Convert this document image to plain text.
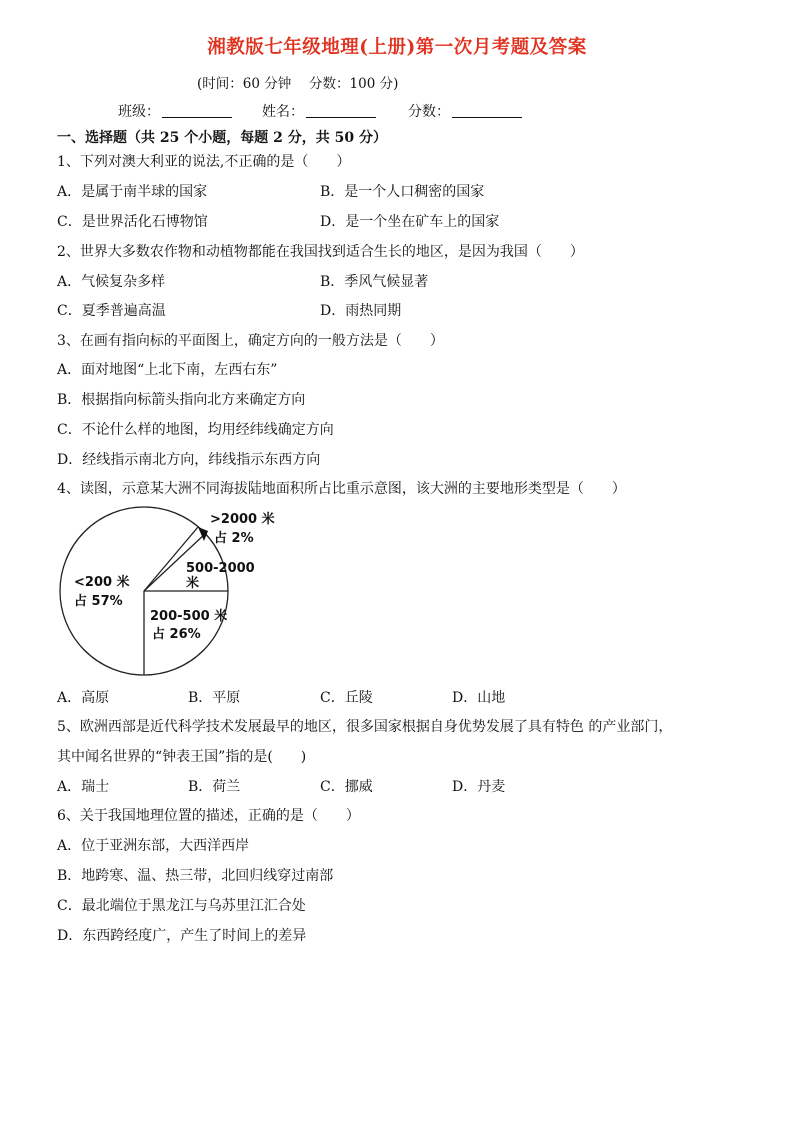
湘教版七年级地理(上册)第一次月考题及答案
(时间：60 分钟　 分数：100 分)
班级：	姓名：	分数：
一、选择题（共 25 个小题，每题 2 分，共 50 分）
1、下列对澳大利亚的说法,不正确的是（　　）
A．是属于南半球的国家	B．是一个人口稠密的国家
C．是世界活化石博物馆	D．是一个坐在矿车上的国家
2、世界大多数农作物和动植物都能在我国找到适合生长的地区，是因为我国（　　）
A．气候复杂多样	B．季风气候显著
C．夏季普遍高温	D．雨热同期
3、在画有指向标的平面图上，确定方向的一般方法是（　　）
A．面对地图“上北下南，左西右东”
B．根据指向标箭头指向北方来确定方向
C．不论什么样的地图，均用经纬线确定方向
D．经线指示南北方向，纬线指示东西方向
4、读图，示意某大洲不同海拔陆地面积所占比重示意图，该大洲的主要地形类型是（　　）
<200 米
占 57%
200-500 米
占 26%
500-2000
米
>2000 米
占 2%
A．高原	B．平原	C．丘陵	D．山地
5、欧洲西部是近代科学技术发展最早的地区，很多国家根据自身优势发展了具有特色 的产业部门，
其中闻名世界的“钟表王国”指的是(　　)
A．瑞士	B．荷兰	C．挪威	D．丹麦
6、关于我国地理位置的描述，正确的是（　　）
A．位于亚洲东部，大西洋西岸
B．地跨寒、温、热三带，北回归线穿过南部
C．最北端位于黑龙江与乌苏里江汇合处
D．东西跨经度广，产生了时间上的差异
